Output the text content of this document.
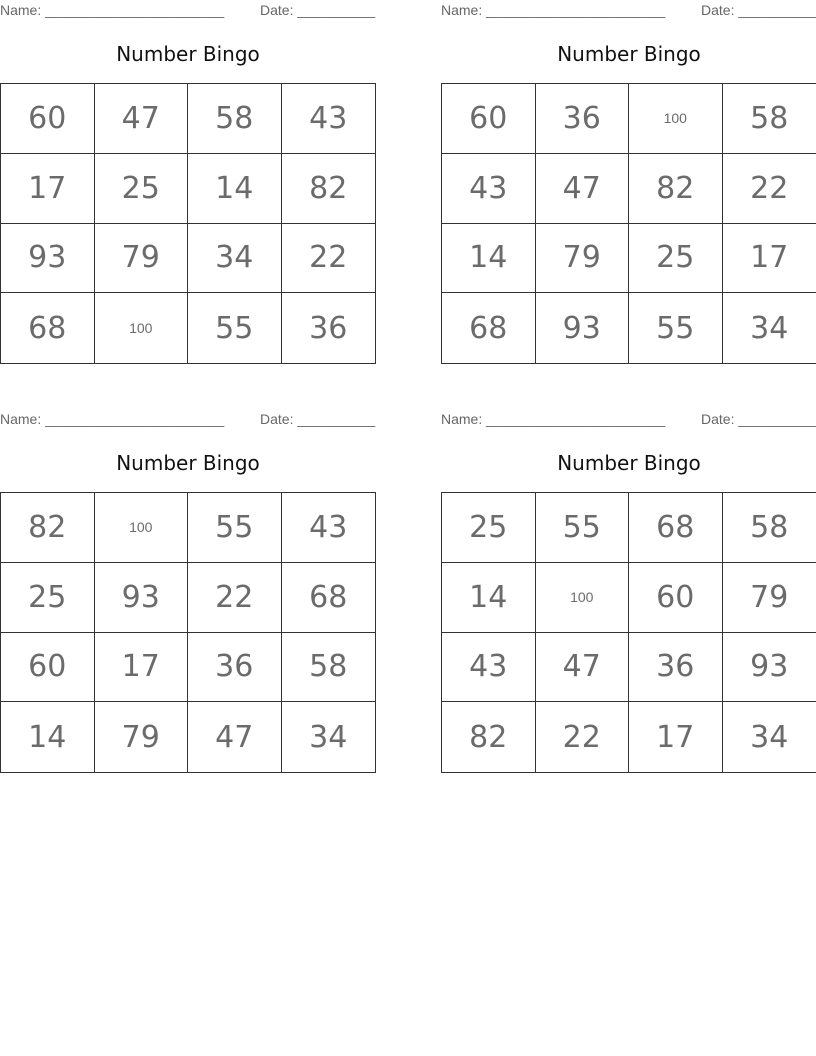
Name: _______________________	Date: __________
Number Bingo
60	47	58	43
17	25	14	82
93	79	34	22
68	100	55	36
Name: _______________________	Date: __________
Number Bingo
60	36	100	58
43	47	82	22
14	79	25	17
68	93	55	34
Name: _______________________	Date: __________
Number Bingo
82	100	55	43
25	93	22	68
60	17	36	58
14	79	47	34
Name: _______________________	Date: __________
Number Bingo
25	55	68	58
14	100	60	79
43	47	36	93
82	22	17	34
